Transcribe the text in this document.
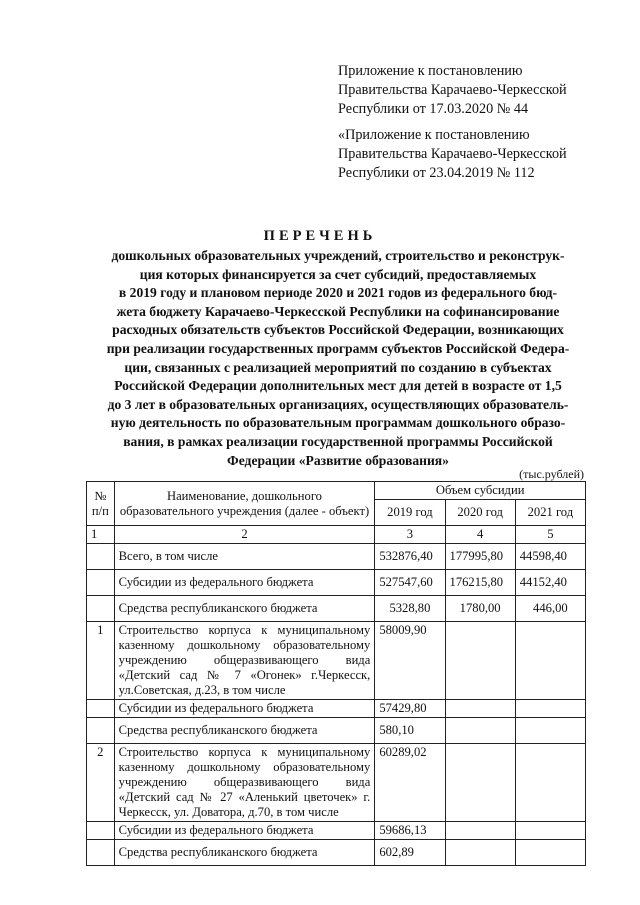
Приложение к постановлению
Правительства Карачаево-Черкесской
Республики от 17.03.2020 № 44
«Приложение к постановлению
Правительства Карачаево-Черкесской
Республики от 23.04.2019 № 112
ПЕРЕЧЕНЬ
дошкольных образовательных учреждений, строительство и реконструк-
ция которых финансируется за счет субсидий, предоставляемых
в 2019 году и плановом периоде 2020 и 2021 годов из федерального бюд-
жета бюджету Карачаево-Черкесской Республики на софинансирование
расходных обязательств субъектов Российской Федерации, возникающих
при реализации государственных программ субъектов Российской Федера-
ции, связанных с реализацией мероприятий по созданию в субъектах
Российской Федерации дополнительных мест для детей в возрасте от 1,5
до 3 лет в образовательных организациях, осуществляющих образователь-
ную деятельность по образовательным программам дошкольного образо-
вания, в рамках реализации государственной программы Российской
Федерации «Развитие образования»
(тыс.рублей)
№ п/п	Наименование, дошкольного образовательного учреждения (далее - объект)	Объем субсидии		
		2019 год	2020 год	2021 год
1	2	3	4	5
	Всего, в том числе	532876,40	177995,80	44598,40
	Субсидии из федерального бюджета	527547,60	176215,80	44152,40
	Средства республиканского бюджета	5328,80	1780,00	446,00
1	Строительство корпуса к муниципальному казенному дошкольному образовательному учреждению общеразвивающего вида «Детский сад № 7 «Огонек» г.Черкесск, ул.Советская, д.23, в том числе	58009,90		
	Субсидии из федерального бюджета	57429,80		
	Средства республиканского бюджета	580,10		
2	Строительство корпуса к муниципальному казенному дошкольному образовательному учреждению общеразвивающего вида «Детский сад № 27 «Аленький цветочек» г. Черкесск, ул. Доватора, д.70, в том числе	60289,02		
	Субсидии из федерального бюджета	59686,13		
	Средства республиканского бюджета	602,89		
